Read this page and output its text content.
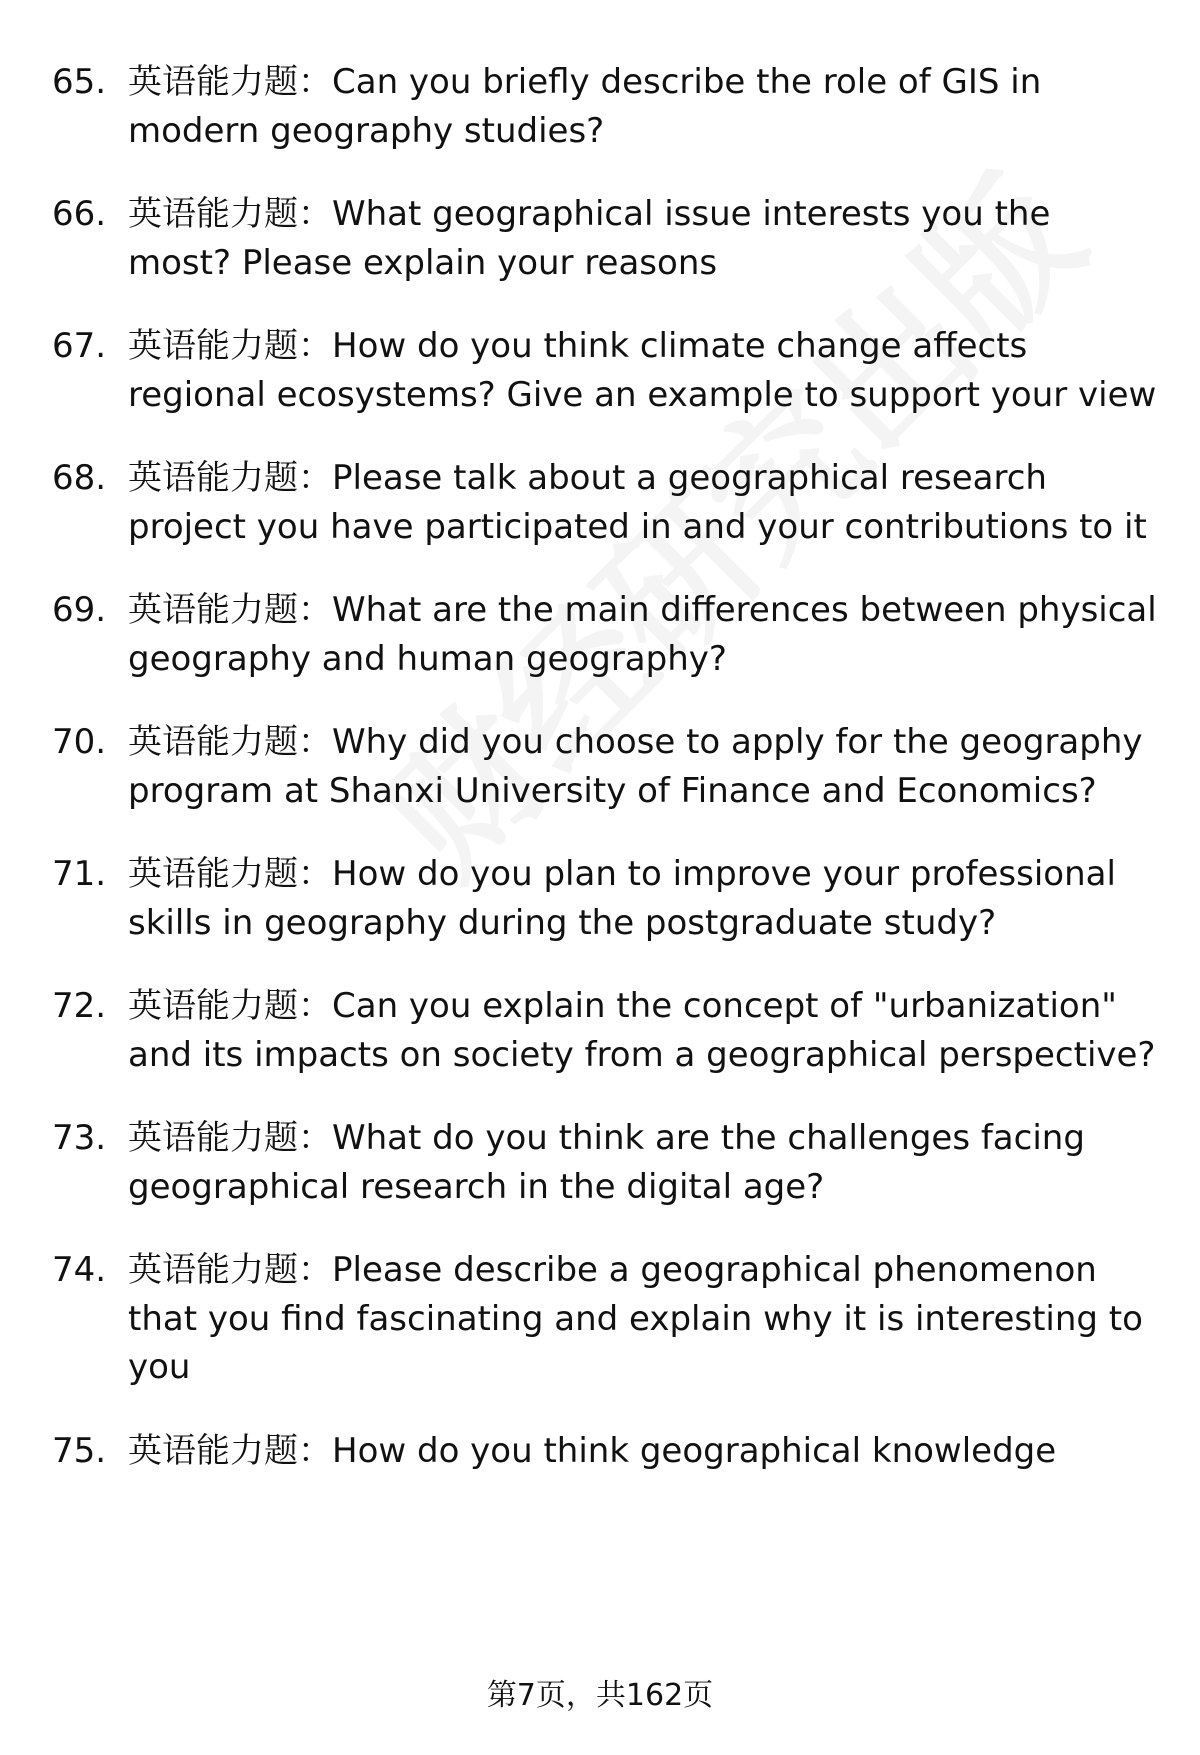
65. 英语能力题：Can you briefly describe the role of GIS in modern geography studies?
66. 英语能力题：What geographical issue interests you the most? Please explain your reasons
67. 英语能力题：How do you think climate change affects regional ecosystems? Give an example to support your view
68. 英语能力题：Please talk about a geographical research project you have participated in and your contributions to it
69. 英语能力题：What are the main differences between physical geography and human geography?
70. 英语能力题：Why did you choose to apply for the geography program at Shanxi University of Finance and Economics?
71. 英语能力题：How do you plan to improve your professional skills in geography during the postgraduate study?
72. 英语能力题：Can you explain the concept of "urbanization" and its impacts on society from a geographical perspective?
73. 英语能力题：What do you think are the challenges facing geographical research in the digital age?
74. 英语能力题：Please describe a geographical phenomenon that you find fascinating and explain why it is interesting to you
75. 英语能力题：How do you think geographical knowledge
第7页，共162页
